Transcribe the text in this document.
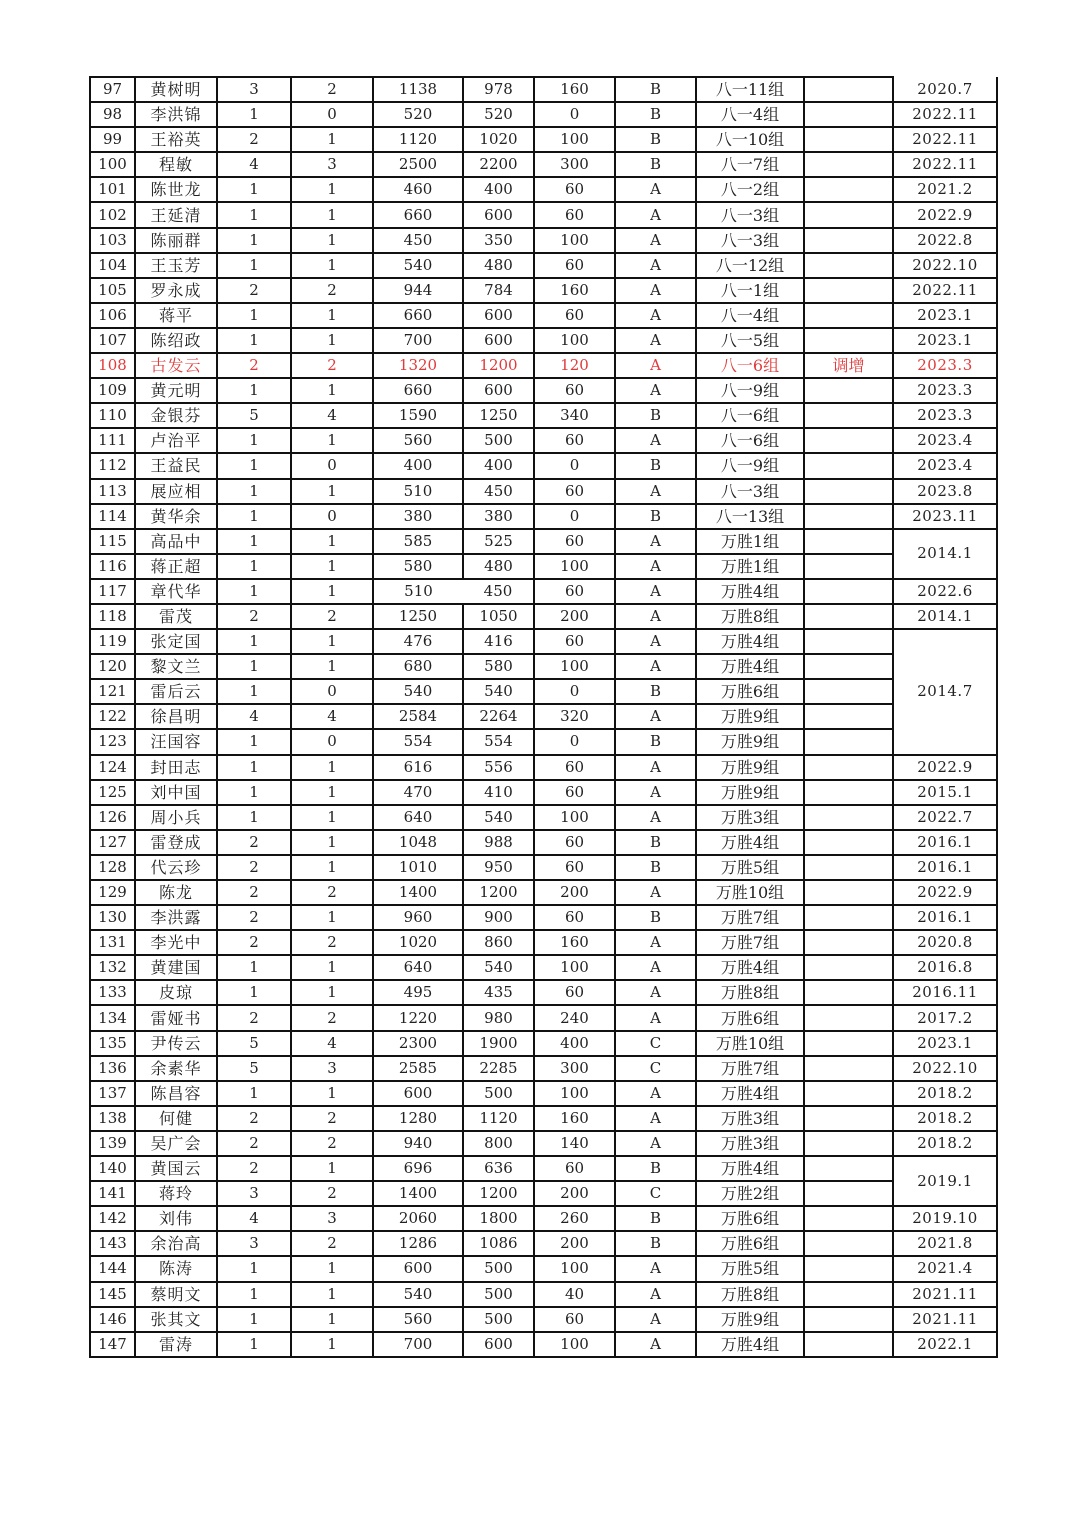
97	黄树明	3	2	1138	978	160	B	八一11组		2020.7
98	李洪锦	1	0	520	520	0	B	八一4组		2022.11
99	王裕英	2	1	1120	1020	100	B	八一10组		2022.11
100	程敏	4	3	2500	2200	300	B	八一7组		2022.11
101	陈世龙	1	1	460	400	60	A	八一2组		2021.2
102	王延清	1	1	660	600	60	A	八一3组		2022.9
103	陈丽群	1	1	450	350	100	A	八一3组		2022.8
104	王玉芳	1	1	540	480	60	A	八一12组		2022.10
105	罗永成	2	2	944	784	160	A	八一1组		2022.11
106	蒋平	1	1	660	600	60	A	八一4组		2023.1
107	陈绍政	1	1	700	600	100	A	八一5组		2023.1
108	古发云	2	2	1320	1200	120	A	八一6组	调增	2023.3
109	黄元明	1	1	660	600	60	A	八一9组		2023.3
110	金银芬	5	4	1590	1250	340	B	八一6组		2023.3
111	卢治平	1	1	560	500	60	A	八一6组		2023.4
112	王益民	1	0	400	400	0	B	八一9组		2023.4
113	展应相	1	1	510	450	60	A	八一3组		2023.8
114	黄华余	1	0	380	380	0	B	八一13组		2023.11
115	高品中	1	1	585	525	60	A	万胜1组		2014.1
116	蒋正超	1	1	580	480	100	A	万胜1组		
117	章代华	1	1	510	450	60	A	万胜4组		2022.6
118	雷茂	2	2	1250	1050	200	A	万胜8组		2014.1
119	张定国	1	1	476	416	60	A	万胜4组		2014.7
120	黎文兰	1	1	680	580	100	A	万胜4组		
121	雷后云	1	0	540	540	0	B	万胜6组		
122	徐昌明	4	4	2584	2264	320	A	万胜9组		
123	汪国容	1	0	554	554	0	B	万胜9组		
124	封田志	1	1	616	556	60	A	万胜9组		2022.9
125	刘中国	1	1	470	410	60	A	万胜9组		2015.1
126	周小兵	1	1	640	540	100	A	万胜3组		2022.7
127	雷登成	2	1	1048	988	60	B	万胜4组		2016.1
128	代云珍	2	1	1010	950	60	B	万胜5组		2016.1
129	陈龙	2	2	1400	1200	200	A	万胜10组		2022.9
130	李洪露	2	1	960	900	60	B	万胜7组		2016.1
131	李光中	2	2	1020	860	160	A	万胜7组		2020.8
132	黄建国	1	1	640	540	100	A	万胜4组		2016.8
133	皮琼	1	1	495	435	60	A	万胜8组		2016.11
134	雷娅书	2	2	1220	980	240	A	万胜6组		2017.2
135	尹传云	5	4	2300	1900	400	C	万胜10组		2023.1
136	余素华	5	3	2585	2285	300	C	万胜7组		2022.10
137	陈昌容	1	1	600	500	100	A	万胜4组		2018.2
138	何健	2	2	1280	1120	160	A	万胜3组		2018.2
139	吴广会	2	2	940	800	140	A	万胜3组		2018.2
140	黄国云	2	1	696	636	60	B	万胜4组		2019.1
141	蒋玲	3	2	1400	1200	200	C	万胜2组		
142	刘伟	4	3	2060	1800	260	B	万胜6组		2019.10
143	余治高	3	2	1286	1086	200	B	万胜6组		2021.8
144	陈涛	1	1	600	500	100	A	万胜5组		2021.4
145	蔡明文	1	1	540	500	40	A	万胜8组		2021.11
146	张其文	1	1	560	500	60	A	万胜9组		2021.11
147	雷涛	1	1	700	600	100	A	万胜4组		2022.1
